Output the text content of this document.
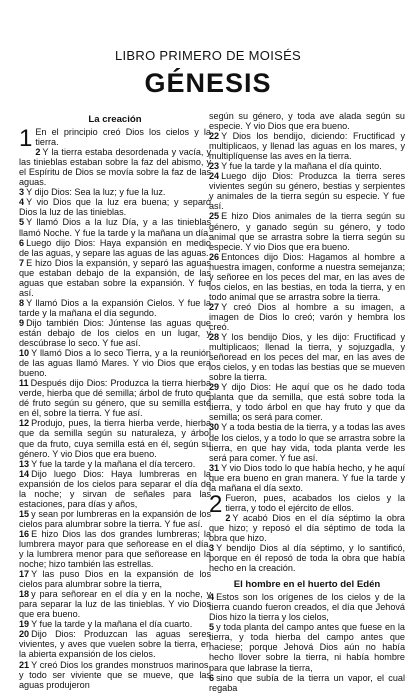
LIBRO PRIMERO DE MOISÉS
GÉNESIS
La creación
1 En el principio creó Dios los cielos y la tierra.
2 Y la tierra estaba desordenada y vacía, y las tinieblas estaban sobre la faz del abismo, y el Espíritu de Dios se movía sobre la faz de las aguas.
3 Y dijo Dios: Sea la luz; y fue la luz.
4 Y vio Dios que la luz era buena; y separó Dios la luz de las tinieblas.
5 Y llamó Dios a la luz Día, y a las tinieblas llamó Noche. Y fue la tarde y la mañana un día.
6 Luego dijo Dios: Haya expansión en medio de las aguas, y separe las aguas de las aguas.
7 E hizo Dios la expansión, y separó las aguas que estaban debajo de la expansión, de las aguas que estaban sobre la expansión. Y fue así.
8 Y llamó Dios a la expansión Cielos. Y fue la tarde y la mañana el día segundo.
9 Dijo también Dios: Júntense las aguas que están debajo de los cielos en un lugar, y descúbrase lo seco. Y fue así.
10 Y llamó Dios a lo seco Tierra, y a la reunión de las aguas llamó Mares. Y vio Dios que era bueno.
11 Después dijo Dios: Produzca la tierra hierba verde, hierba que dé semilla; árbol de fruto que dé fruto según su género, que su semilla esté en él, sobre la tierra. Y fue así.
12 Produjo, pues, la tierra hierba verde, hierba que da semilla según su naturaleza, y árbol que da fruto, cuya semilla está en él, según su género. Y vio Dios que era bueno.
13 Y fue la tarde y la mañana el día tercero.
14 Dijo luego Dios: Haya lumbreras en la expansión de los cielos para separar el día de la noche; y sirvan de señales para las estaciones, para días y años,
15 y sean por lumbreras en la expansión de los cielos para alumbrar sobre la tierra. Y fue así.
16 E hizo Dios las dos grandes lumbreras; la lumbrera mayor para que señorease en el día, y la lumbrera menor para que señorease en la noche; hizo también las estrellas.
17 Y las puso Dios en la expansión de los cielos para alumbrar sobre la tierra,
18 y para señorear en el día y en la noche, y para separar la luz de las tinieblas. Y vio Dios que era bueno.
19 Y fue la tarde y la mañana el día cuarto.
20 Dijo Dios: Produzcan las aguas seres vivientes, y aves que vuelen sobre la tierra, en la abierta expansión de los cielos.
21 Y creó Dios los grandes monstruos marinos, y todo ser viviente que se mueve, que las aguas produjeron
según su género, y toda ave alada según su especie. Y vio Dios que era bueno.
22 Y Dios los bendijo, diciendo: Fructificad y multiplicaos, y llenad las aguas en los mares, y multiplíquense las aves en la tierra.
23 Y fue la tarde y la mañana el día quinto.
24 Luego dijo Dios: Produzca la tierra seres vivientes según su género, bestias y serpientes y animales de la tierra según su especie. Y fue así.
25 E hizo Dios animales de la tierra según su género, y ganado según su género, y todo animal que se arrastra sobre la tierra según su especie. Y vio Dios que era bueno.
26 Entonces dijo Dios: Hagamos al hombre a nuestra imagen, conforme a nuestra semejanza; y señoree en los peces del mar, en las aves de los cielos, en las bestias, en toda la tierra, y en todo animal que se arrastra sobre la tierra.
27 Y creó Dios al hombre a su imagen, a imagen de Dios lo creó; varón y hembra los creó.
28 Y los bendijo Dios, y les dijo: Fructificad y multiplicaos; llenad la tierra, y sojuzgadla, y señoread en los peces del mar, en las aves de los cielos, y en todas las bestias que se mueven sobre la tierra.
29 Y dijo Dios: He aquí que os he dado toda planta que da semilla, que está sobre toda la tierra, y todo árbol en que hay fruto y que da semilla; os será para comer.
30 Y a toda bestia de la tierra, y a todas las aves de los cielos, y a todo lo que se arrastra sobre la tierra, en que hay vida, toda planta verde les será para comer. Y fue así.
31 Y vio Dios todo lo que había hecho, y he aquí que era bueno en gran manera. Y fue la tarde y la mañana el día sexto.
2 Fueron, pues, acabados los cielos y la tierra, y todo el ejército de ellos.
2 Y acabó Dios en el día séptimo la obra que hizo; y reposó el día séptimo de toda la obra que hizo.
3 Y bendijo Dios al día séptimo, y lo santificó, porque en él reposó de toda la obra que había hecho en la creación.
El hombre en el huerto del Edén
4 Estos son los orígenes de los cielos y de la tierra cuando fueron creados, el día que Jehová Dios hizo la tierra y los cielos,
5 y toda planta del campo antes que fuese en la tierra, y toda hierba del campo antes que naciese; porque Jehová Dios aún no había hecho llover sobre la tierra, ni había hombre para que labrase la tierra,
6 sino que subía de la tierra un vapor, el cual regaba
